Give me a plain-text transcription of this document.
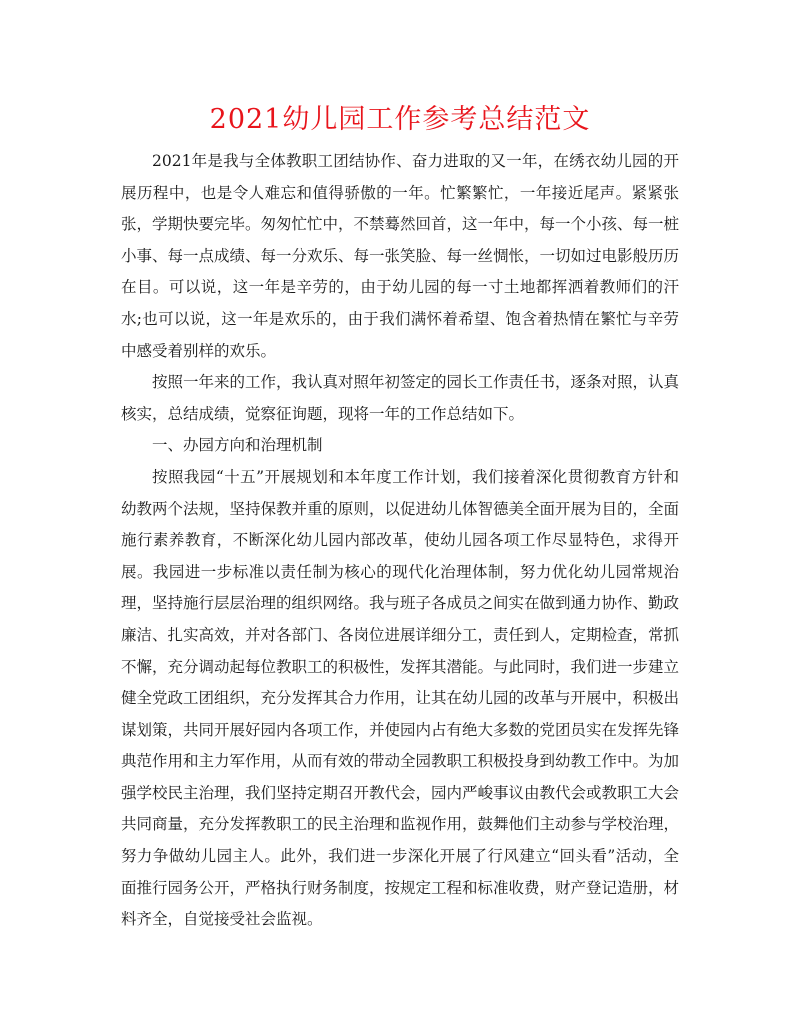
2021幼儿园工作参考总结范文

2021年是我与全体教职工团结协作、奋力进取的又一年，在绣衣幼儿园的开展历程中，也是令人难忘和值得骄傲的一年。忙繁繁忙，一年接近尾声。紧紧张张，学期快要完毕。匆匆忙忙中，不禁蓦然回首，这一年中，每一个小孩、每一桩小事、每一点成绩、每一分欢乐、每一张笑脸、每一丝惆怅，一切如过电影般历历在目。可以说，这一年是辛劳的，由于幼儿园的每一寸土地都挥洒着教师们的汗水;也可以说，这一年是欢乐的，由于我们满怀着希望、饱含着热情在繁忙与辛劳中感受着别样的欢乐。

按照一年来的工作，我认真对照年初签定的园长工作责任书，逐条对照，认真核实，总结成绩，觉察征询题，现将一年的工作总结如下。

一、办园方向和治理机制

按照我园“十五”开展规划和本年度工作计划，我们接着深化贯彻教育方针和幼教两个法规，坚持保教并重的原则，以促进幼儿体智德美全面开展为目的，全面施行素养教育，不断深化幼儿园内部改革，使幼儿园各项工作尽显特色，求得开展。我园进一步标准以责任制为核心的现代化治理体制，努力优化幼儿园常规治理，坚持施行层层治理的组织网络。我与班子各成员之间实在做到通力协作、勤政廉洁、扎实高效，并对各部门、各岗位进展详细分工，责任到人，定期检查，常抓不懈，充分调动起每位教职工的积极性，发挥其潜能。与此同时，我们进一步建立健全党政工团组织，充分发挥其合力作用，让其在幼儿园的改革与开展中，积极出谋划策，共同开展好园内各项工作，并使园内占有绝大多数的党团员实在发挥先锋典范作用和主力军作用，从而有效的带动全园教职工积极投身到幼教工作中。为加强学校民主治理，我们坚持定期召开教代会，园内严峻事议由教代会或教职工大会共同商量，充分发挥教职工的民主治理和监视作用，鼓舞他们主动参与学校治理，努力争做幼儿园主人。此外，我们进一步深化开展了行风建立“回头看”活动，全面推行园务公开，严格执行财务制度，按规定工程和标准收费，财产登记造册，材料齐全，自觉接受社会监视。
